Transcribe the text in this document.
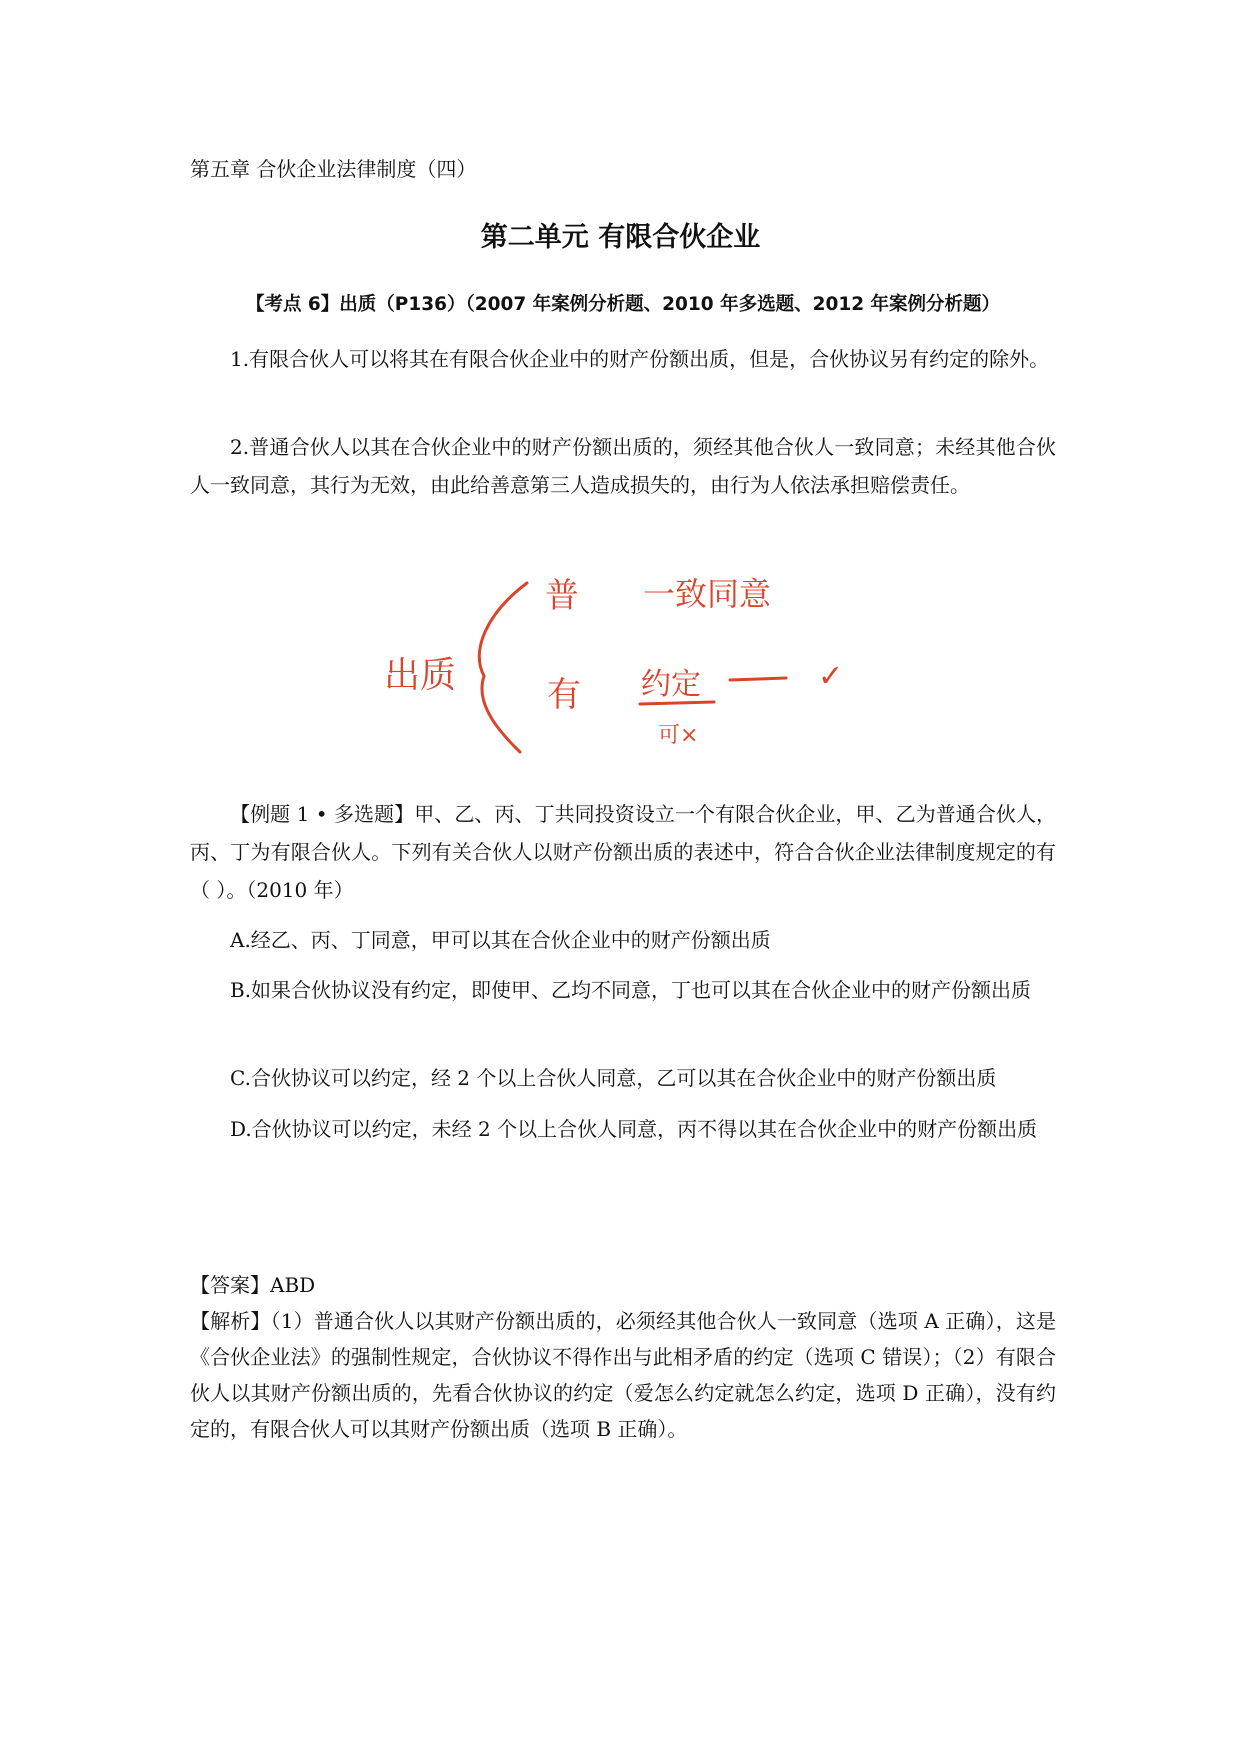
第五章 合伙企业法律制度（四）
第二单元 有限合伙企业
【考点 6】出质（P136）（2007 年案例分析题、2010 年多选题、2012 年案例分析题）
1.有限合伙人可以将其在有限合伙企业中的财产份额出质，但是，合伙协议另有约定的除外。
2.普通合伙人以其在合伙企业中的财产份额出质的，须经其他合伙人一致同意；未经其他合伙人一致同意，其行为无效，由此给善意第三人造成损失的，由行为人依法承担赔偿责任。
出质
普 一致同意
有 约定
可×
✓
【例题 1 • 多选题】甲、乙、丙、丁共同投资设立一个有限合伙企业，甲、乙为普通合伙人，丙、丁为有限合伙人。下列有关合伙人以财产份额出质的表述中，符合合伙企业法律制度规定的有（ ）。（2010 年）
A.经乙、丙、丁同意，甲可以其在合伙企业中的财产份额出质
B.如果合伙协议没有约定，即使甲、乙均不同意，丁也可以其在合伙企业中的财产份额出质
C.合伙协议可以约定，经 2 个以上合伙人同意，乙可以其在合伙企业中的财产份额出质
D.合伙协议可以约定，未经 2 个以上合伙人同意，丙不得以其在合伙企业中的财产份额出质
【答案】ABD
【解析】（1）普通合伙人以其财产份额出质的，必须经其他合伙人一致同意（选项 A 正确），这是《合伙企业法》的强制性规定，合伙协议不得作出与此相矛盾的约定（选项 C 错误）；（2）有限合伙人以其财产份额出质的，先看合伙协议的约定（爱怎么约定就怎么约定，选项 D 正确），没有约定的，有限合伙人可以其财产份额出质（选项 B 正确）。
